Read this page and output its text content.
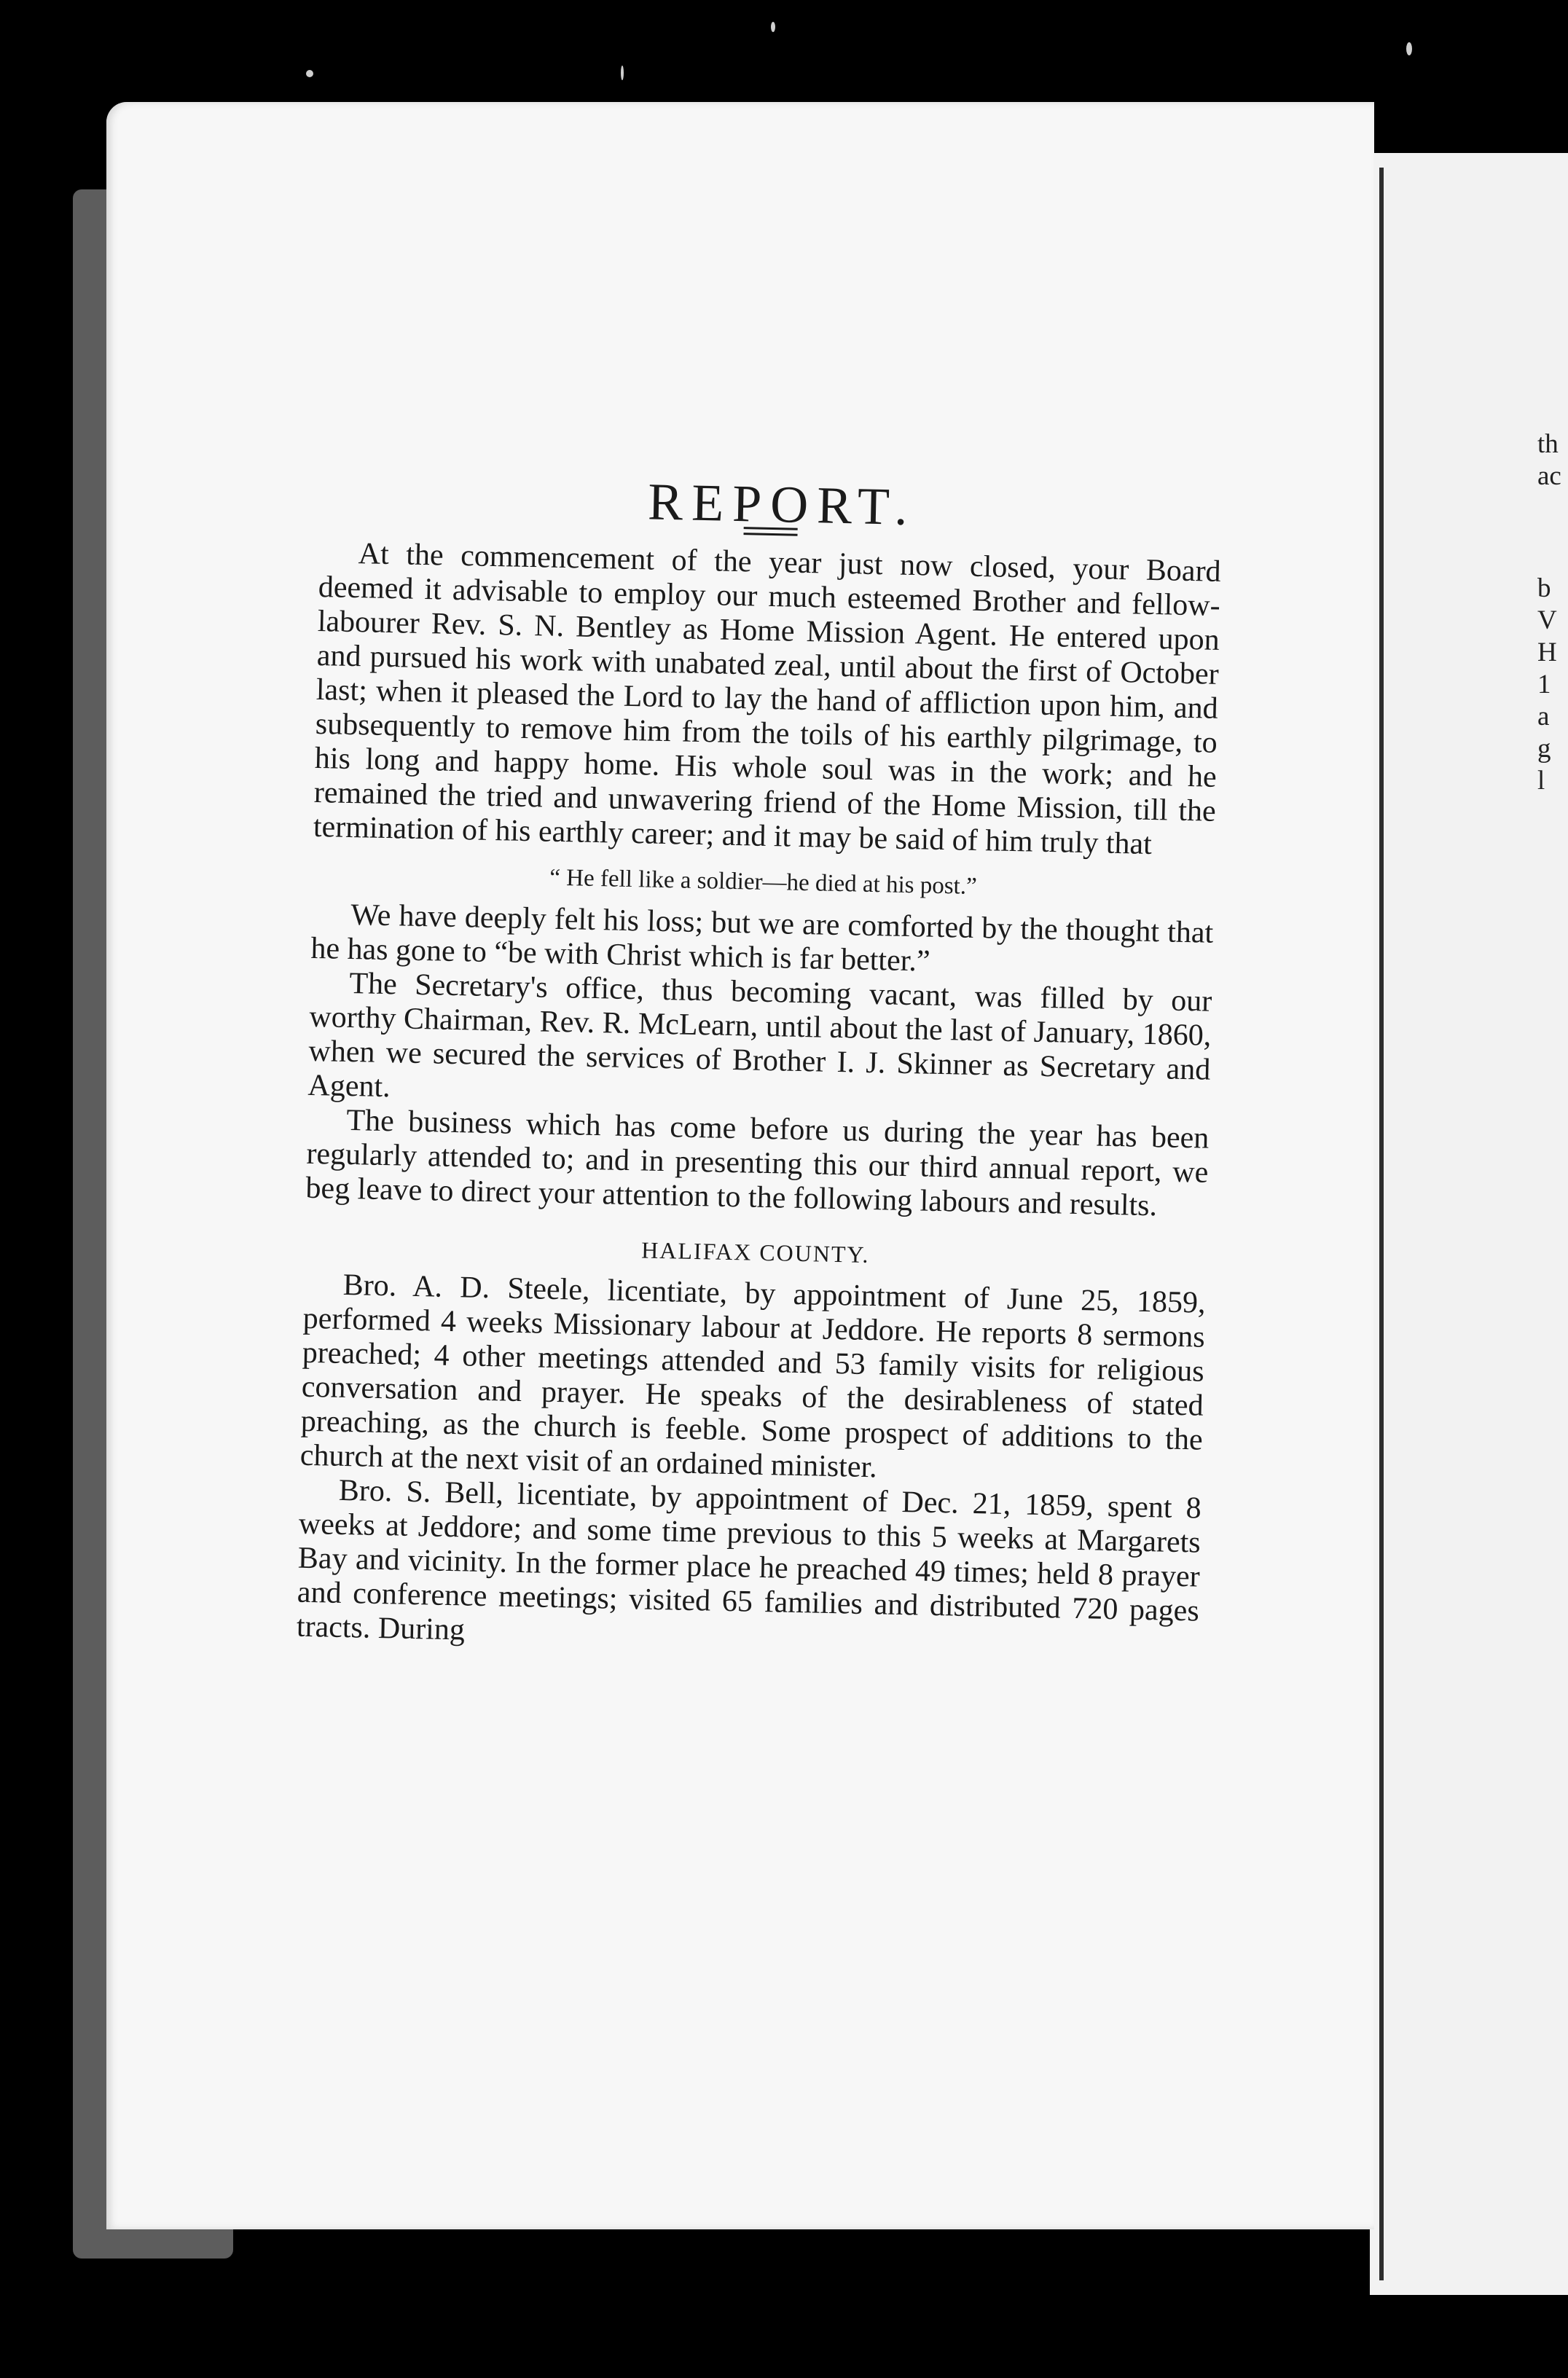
th
ac
b
V
H
1
a
g
l
REPORT.

At the commencement of the year just now closed, your Board deemed it advisable to employ our much esteemed Brother and fellow-labourer Rev. S. N. Bentley as Home Mission Agent. He entered upon and pursued his work with unabated zeal, until about the first of October last; when it pleased the Lord to lay the hand of affliction upon him, and subsequently to remove him from the toils of his earthly pilgrimage, to his long and happy home. His whole soul was in the work; and he remained the tried and unwavering friend of the Home Mission, till the termination of his earthly career; and it may be said of him truly that

“ He fell like a soldier—he died at his post.”

We have deeply felt his loss; but we are comforted by the thought that he has gone to “be with Christ which is far better.”

The Secretary's office, thus becoming vacant, was filled by our worthy Chairman, Rev. R. McLearn, until about the last of January, 1860, when we secured the services of Brother I. J. Skinner as Secretary and Agent.

The business which has come before us during the year has been regularly attended to; and in presenting this our third annual report, we beg leave to direct your attention to the following labours and results.

HALIFAX COUNTY.

Bro. A. D. Steele, licentiate, by appointment of June 25, 1859, performed 4 weeks Missionary labour at Jeddore. He reports 8 sermons preached; 4 other meetings attended and 53 family visits for religious conversation and prayer. He speaks of the desirableness of stated preaching, as the church is feeble. Some prospect of additions to the church at the next visit of an ordained minister.

Bro. S. Bell, licentiate, by appointment of Dec. 21, 1859, spent 8 weeks at Jeddore; and some time previous to this 5 weeks at Margarets Bay and vicinity. In the former place he preached 49 times; held 8 prayer and conference meetings; visited 65 families and distributed 720 pages tracts. During
